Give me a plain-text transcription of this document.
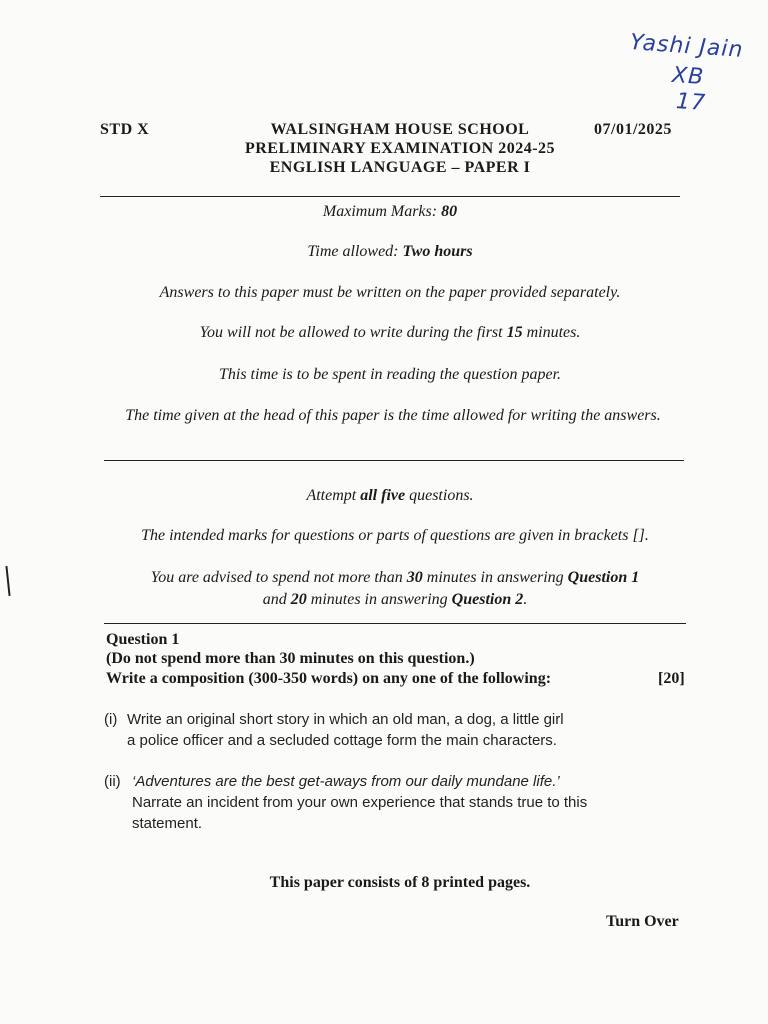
Yashi Jain
XB
17
STD X	07/01/2025
WALSINGHAM HOUSE SCHOOL
PRELIMINARY EXAMINATION 2024-25
ENGLISH LANGUAGE – PAPER I
Maximum Marks: 80
Time allowed: Two hours
Answers to this paper must be written on the paper provided separately.
You will not be allowed to write during the first 15 minutes.
This time is to be spent in reading the question paper.
The time given at the head of this paper is the time allowed for writing the answers.
Attempt all five questions.
The intended marks for questions or parts of questions are given in brackets [].
You are advised to spend not more than 30 minutes in answering Question 1
and 20 minutes in answering Question 2.
Question 1
(Do not spend more than 30 minutes on this question.)
Write a composition (300-350 words) on any one of the following:	[20]
(i) Write an original short story in which an old man, a dog, a little girl
a police officer and a secluded cottage form the main characters.
(ii) ‘Adventures are the best get-aways from our daily mundane life.’
Narrate an incident from your own experience that stands true to this
statement.
This paper consists of 8 printed pages.
Turn Over
